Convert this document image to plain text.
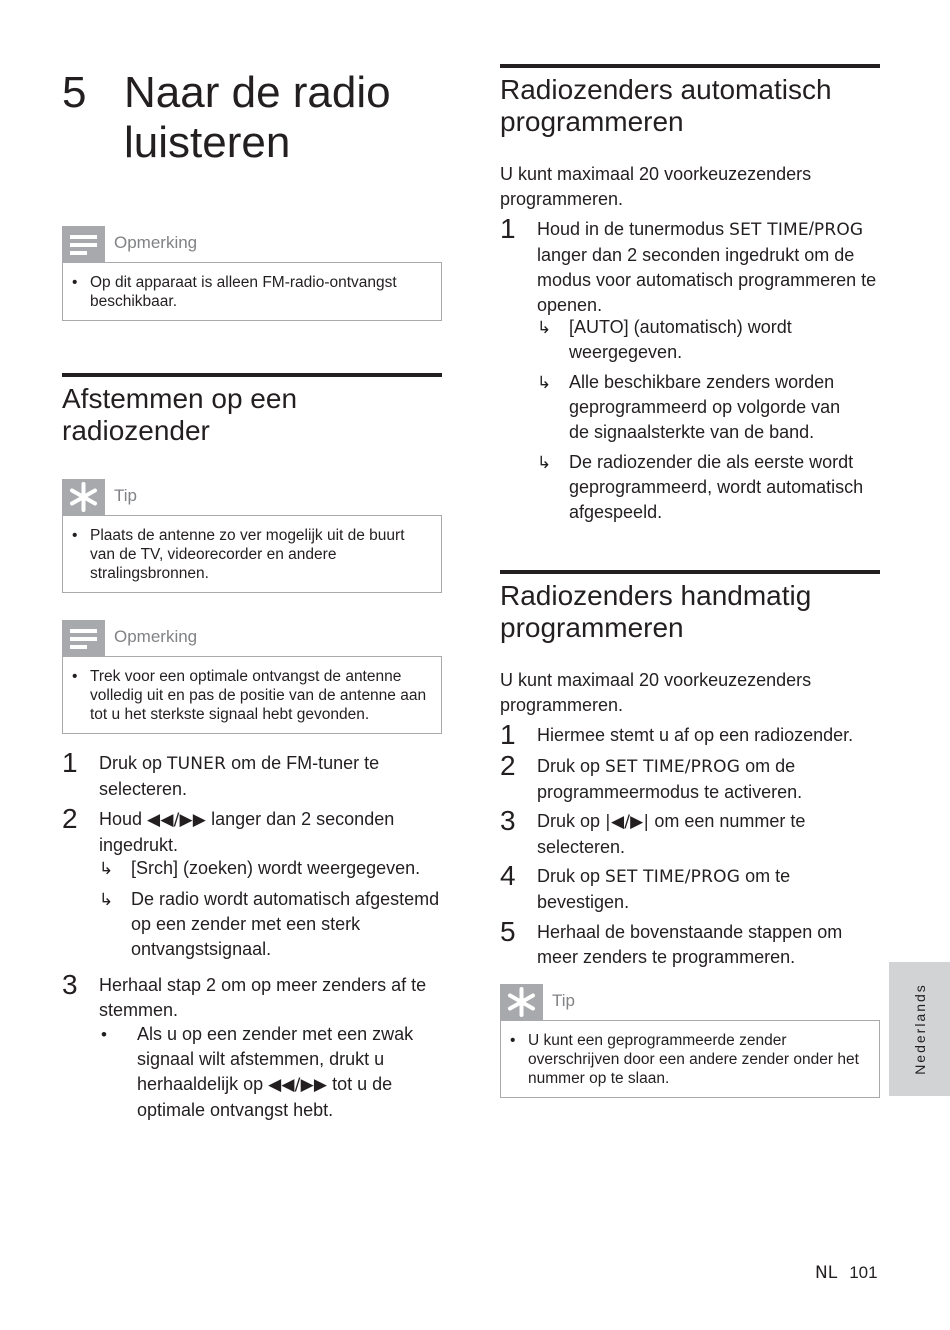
5 Naar de radio luisteren
Opmerking
• Op dit apparaat is alleen FM-radio-ontvangst beschikbaar.
Afstemmen op een radiozender
Tip
• Plaats de antenne zo ver mogelijk uit de buurt van de TV, videorecorder en andere stralingsbronnen.
Opmerking
• Trek voor een optimale ontvangst de antenne volledig uit en pas de positie van de antenne aan tot u het sterkste signaal hebt gevonden.
1 Druk op TUNER om de FM-tuner te selecteren.
2 Houd ◀◀/▶▶ langer dan 2 seconden ingedrukt.
↳ [Srch] (zoeken) wordt weergegeven.
↳ De radio wordt automatisch afgestemd op een zender met een sterk ontvangstsignaal.
3 Herhaal stap 2 om op meer zenders af te stemmen.
• Als u op een zender met een zwak signaal wilt afstemmen, drukt u herhaaldelijk op ◀◀/▶▶ tot u de optimale ontvangst hebt.
Radiozenders automatisch programmeren
U kunt maximaal 20 voorkeuzezenders programmeren.
1 Houd in de tunermodus SET TIME/PROG langer dan 2 seconden ingedrukt om de modus voor automatisch programmeren te openen.
↳ [AUTO] (automatisch) wordt weergegeven.
↳ Alle beschikbare zenders worden geprogrammeerd op volgorde van de signaalsterkte van de band.
↳ De radiozender die als eerste wordt geprogrammeerd, wordt automatisch afgespeeld.
Radiozenders handmatig programmeren
U kunt maximaal 20 voorkeuzezenders programmeren.
1 Hiermee stemt u af op een radiozender.
2 Druk op SET TIME/PROG om de programmeermodus te activeren.
3 Druk op |◀/▶| om een nummer te selecteren.
4 Druk op SET TIME/PROG om te bevestigen.
5 Herhaal de bovenstaande stappen om meer zenders te programmeren.
Tip
• U kunt een geprogrammeerde zender overschrijven door een andere zender onder het nummer op te slaan.
Nederlands
NL 101
